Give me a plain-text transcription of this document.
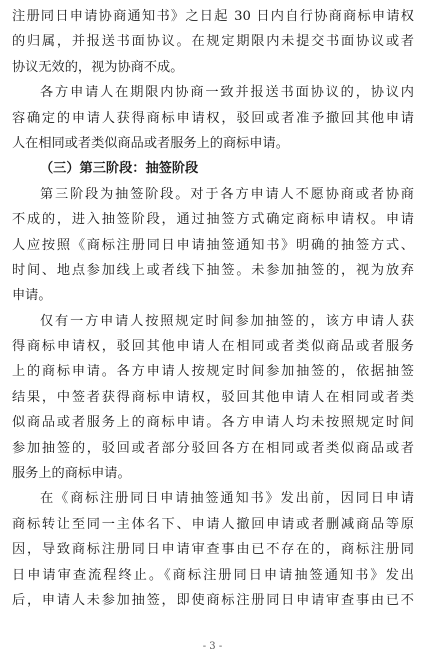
注册同日申请协商通知书》之日起 30 日内自行协商商标申请权
的归属，并报送书面协议。在规定期限内未提交书面协议或者
协议无效的，视为协商不成。
各方申请人在期限内协商一致并报送书面协议的，协议内
容确定的申请人获得商标申请权，驳回或者准予撤回其他申请
人在相同或者类似商品或者服务上的商标申请。
（三）第三阶段：抽签阶段
第三阶段为抽签阶段。对于各方申请人不愿协商或者协商
不成的，进入抽签阶段，通过抽签方式确定商标申请权。申请
人应按照《商标注册同日申请抽签通知书》明确的抽签方式、
时间、地点参加线上或者线下抽签。未参加抽签的，视为放弃
申请。
仅有一方申请人按照规定时间参加抽签的，该方申请人获
得商标申请权，驳回其他申请人在相同或者类似商品或者服务
上的商标申请。各方申请人按规定时间参加抽签的，依据抽签
结果，中签者获得商标申请权，驳回其他申请人在相同或者类
似商品或者服务上的商标申请。各方申请人均未按照规定时间
参加抽签的，驳回或者部分驳回各方在相同或者类似商品或者
服务上的商标申请。
在《商标注册同日申请抽签通知书》发出前，因同日申请
商标转让至同一主体名下、申请人撤回申请或者删减商品等原
因，导致商标注册同日申请审查事由已不存在的，商标注册同
日申请审查流程终止。《商标注册同日申请抽签通知书》发出
后，申请人未参加抽签，即使商标注册同日申请审查事由已不
- 3 -
